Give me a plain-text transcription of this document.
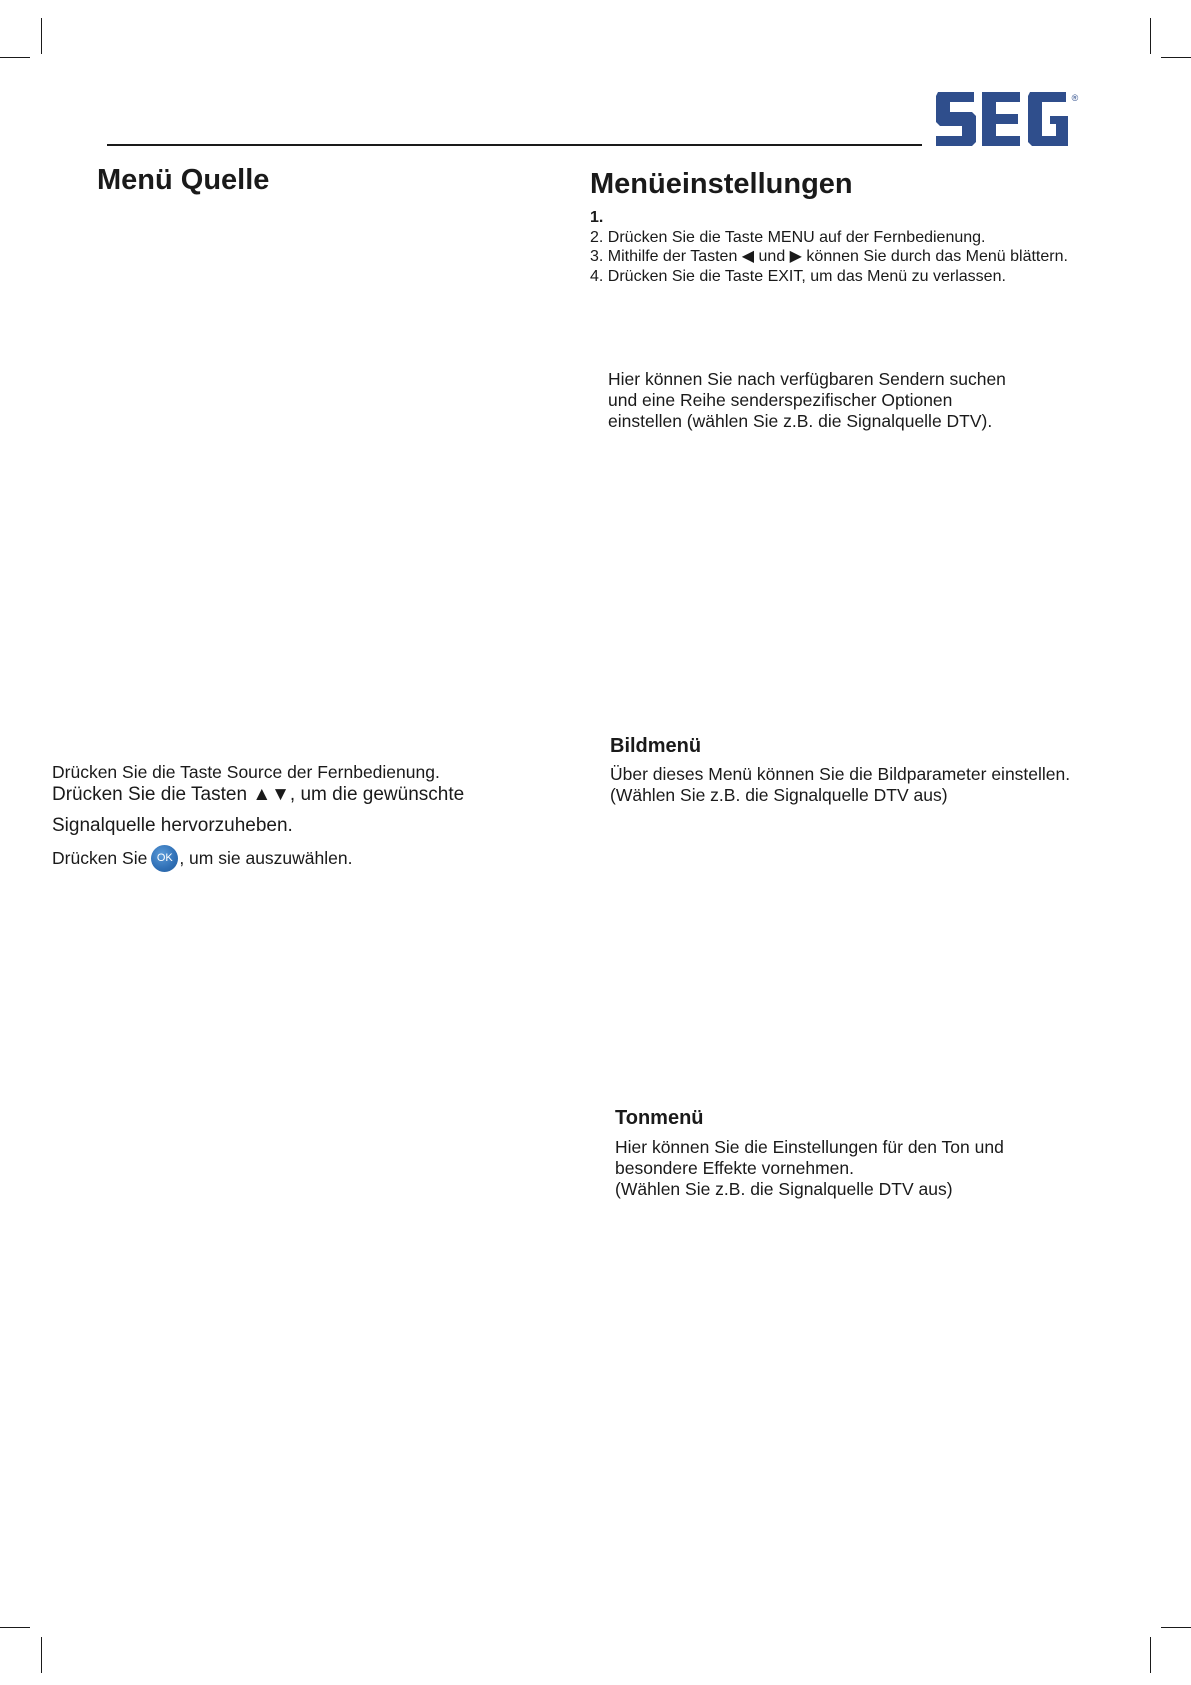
®
Menü Quelle
Drücken Sie die Taste Source der Fernbedienung.
Drücken Sie die Tasten ▲▼, um die gewünschte
Signalquelle hervorzuheben.
Drücken Sie OK , um sie auszuwählen.
Menüeinstellungen
1.
2. Drücken Sie die Taste MENU auf der Fernbedienung.
3. Mithilfe der Tasten ◀ und ▶ können Sie durch das Menü blättern.
4. Drücken Sie die Taste EXIT, um das Menü zu verlassen.
Hier können Sie nach verfügbaren Sendern suchen
und eine Reihe senderspezifischer Optionen
einstellen (wählen Sie z.B. die Signalquelle DTV).
Bildmenü
Über dieses Menü können Sie die Bildparameter einstellen.
(Wählen Sie z.B. die Signalquelle DTV aus)
Tonmenü
Hier können Sie die Einstellungen für den Ton und
besondere Effekte vornehmen.
(Wählen Sie z.B. die Signalquelle DTV aus)
